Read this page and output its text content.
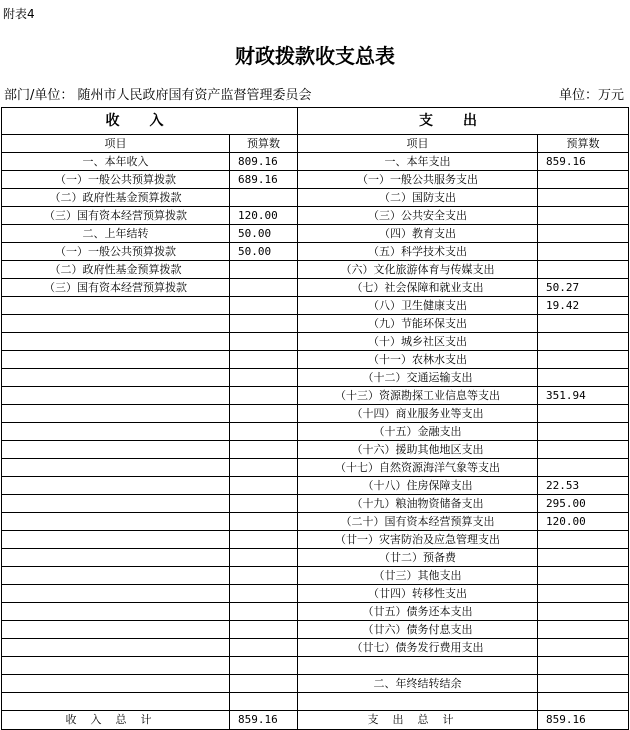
附表4
财政拨款收支总表
部门/单位： 随州市人民政府国有资产监督管理委员会	单位：万元
收入		支出	
项目	预算数	项目	预算数
一、本年收入	809.16	一、本年支出	859.16
（一）一般公共预算拨款	689.16	（一）一般公共服务支出	
（二）政府性基金预算拨款		（二）国防支出	
（三）国有资本经营预算拨款	120.00	（三）公共安全支出	
二、上年结转	50.00	（四）教育支出	
（一）一般公共预算拨款	50.00	（五）科学技术支出	
（二）政府性基金预算拨款		（六）文化旅游体育与传媒支出	
（三）国有资本经营预算拨款		（七）社会保障和就业支出	50.27
		（八）卫生健康支出	19.42
		（九）节能环保支出	
		（十）城乡社区支出	
		（十一）农林水支出	
		（十二）交通运输支出	
		（十三）资源勘探工业信息等支出	351.94
		（十四）商业服务业等支出	
		（十五）金融支出	
		（十六）援助其他地区支出	
		（十七）自然资源海洋气象等支出	
		（十八）住房保障支出	22.53
		（十九）粮油物资储备支出	295.00
		（二十）国有资本经营预算支出	120.00
		（廿一）灾害防治及应急管理支出	
		（廿二）预备费	
		（廿三）其他支出	
		（廿四）转移性支出	
		（廿五）债务还本支出	
		（廿六）债务付息支出	
		（廿七）债务发行费用支出	

		二、年终结转结余	

收入总计	859.16	支出总计	859.16
